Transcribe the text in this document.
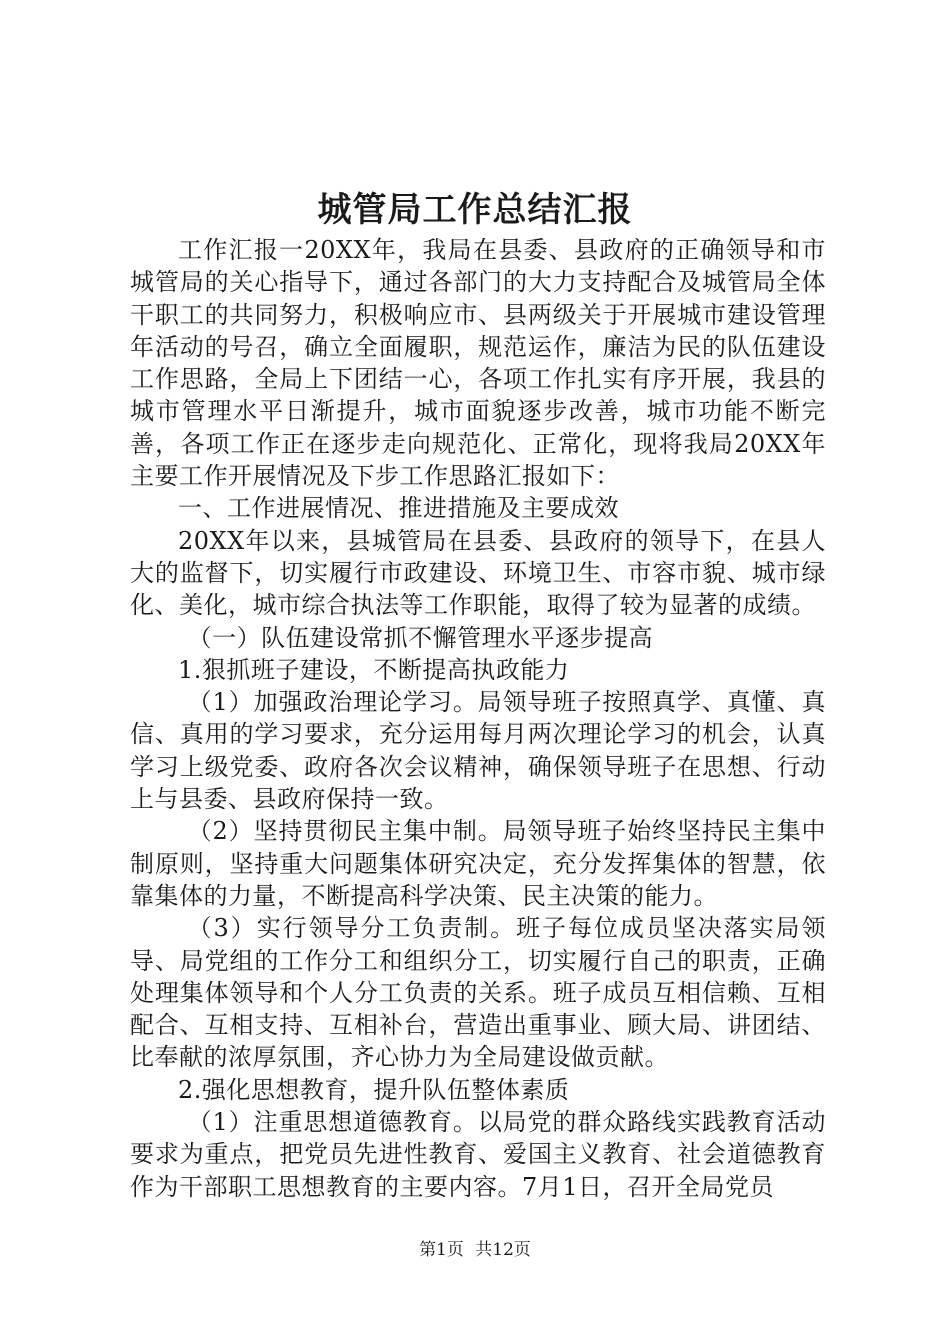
城管局工作总结汇报

工作汇报一20XX年，我局在县委、县政府的正确领导和市城管局的关心指导下，通过各部门的大力支持配合及城管局全体干职工的共同努力，积极响应市、县两级关于开展城市建设管理年活动的号召，确立全面履职，规范运作，廉洁为民的队伍建设工作思路，全局上下团结一心，各项工作扎实有序开展，我县的城市管理水平日渐提升，城市面貌逐步改善，城市功能不断完善，各项工作正在逐步走向规范化、正常化，现将我局20XX年主要工作开展情况及下步工作思路汇报如下：

一、工作进展情况、推进措施及主要成效

20XX年以来，县城管局在县委、县政府的领导下，在县人大的监督下，切实履行市政建设、环境卫生、市容市貌、城市绿化、美化，城市综合执法等工作职能，取得了较为显著的成绩。

（一）队伍建设常抓不懈管理水平逐步提高

1.狠抓班子建设，不断提高执政能力

（1）加强政治理论学习。局领导班子按照真学、真懂、真信、真用的学习要求，充分运用每月两次理论学习的机会，认真学习上级党委、政府各次会议精神，确保领导班子在思想、行动上与县委、县政府保持一致。

（2）坚持贯彻民主集中制。局领导班子始终坚持民主集中制原则，坚持重大问题集体研究决定，充分发挥集体的智慧，依靠集体的力量，不断提高科学决策、民主决策的能力。

（3）实行领导分工负责制。班子每位成员坚决落实局领导、局党组的工作分工和组织分工，切实履行自己的职责，正确处理集体领导和个人分工负责的关系。班子成员互相信赖、互相配合、互相支持、互相补台，营造出重事业、顾大局、讲团结、比奉献的浓厚氛围，齐心协力为全局建设做贡献。

2.强化思想教育，提升队伍整体素质

（1）注重思想道德教育。以局党的群众路线实践教育活动要求为重点，把党员先进性教育、爱国主义教育、社会道德教育作为干部职工思想教育的主要内容。7月1日，召开全局党员

第1页 共12页
